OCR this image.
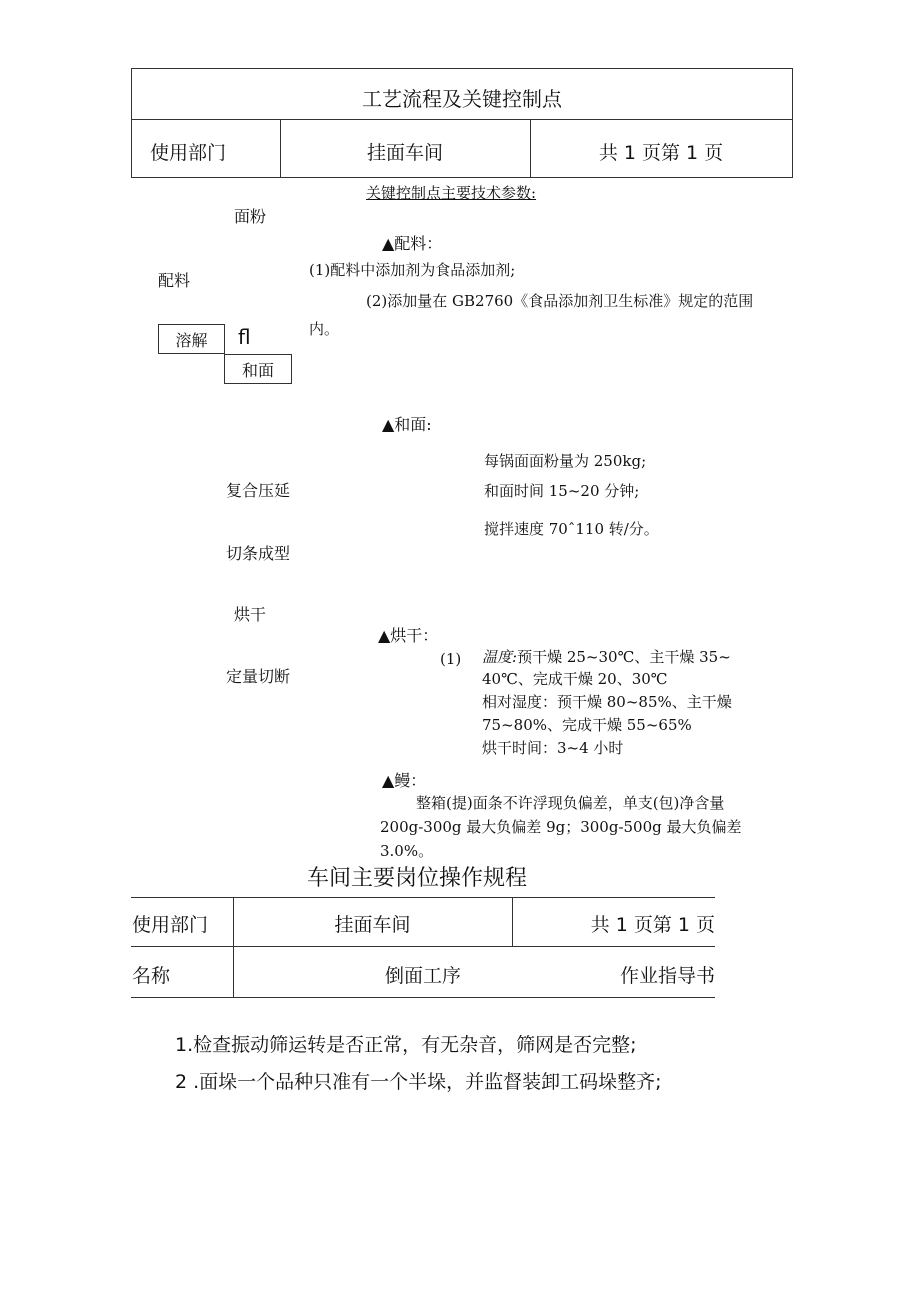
工艺流程及关键控制点
使用部门	挂面车间	共 1 页第 1 页
关键控制点主要技术参数:
面粉
配料
溶解 fl
和面
复合压延
切条成型
烘干
定量切断
▲配料：
(1)配料中添加剂为食品添加剂;
(2)添加量在 GB2760《食品添加剂卫生标准》规定的范围
内。
▲和面:
每锅面面粉量为 250kg;
和面时间 15~20 分钟;
搅拌速度 70ˆ110 转/分。
▲烘干：
(1) 温度:预干燥 25~30℃、主干燥 35~
40℃、完成干燥 20、30℃
相对湿度：预干燥 80~85%、主干燥
75~80%、完成干燥 55~65%
烘干时间：3~4 小时
▲鳗：
整箱(提)面条不许浮现负偏差，单支(包)净含量
200g-300g 最大负偏差 9g；300g-500g 最大负偏差
3.0%。
车间主要岗位操作规程
使用部门	挂面车间	共 1 页第 1 页
名称	倒面工序	作业指导书
1.检查振动筛运转是否正常，有无杂音，筛网是否完整;
2 .面垛一个品种只准有一个半垛，并监督装卸工码垛整齐;
